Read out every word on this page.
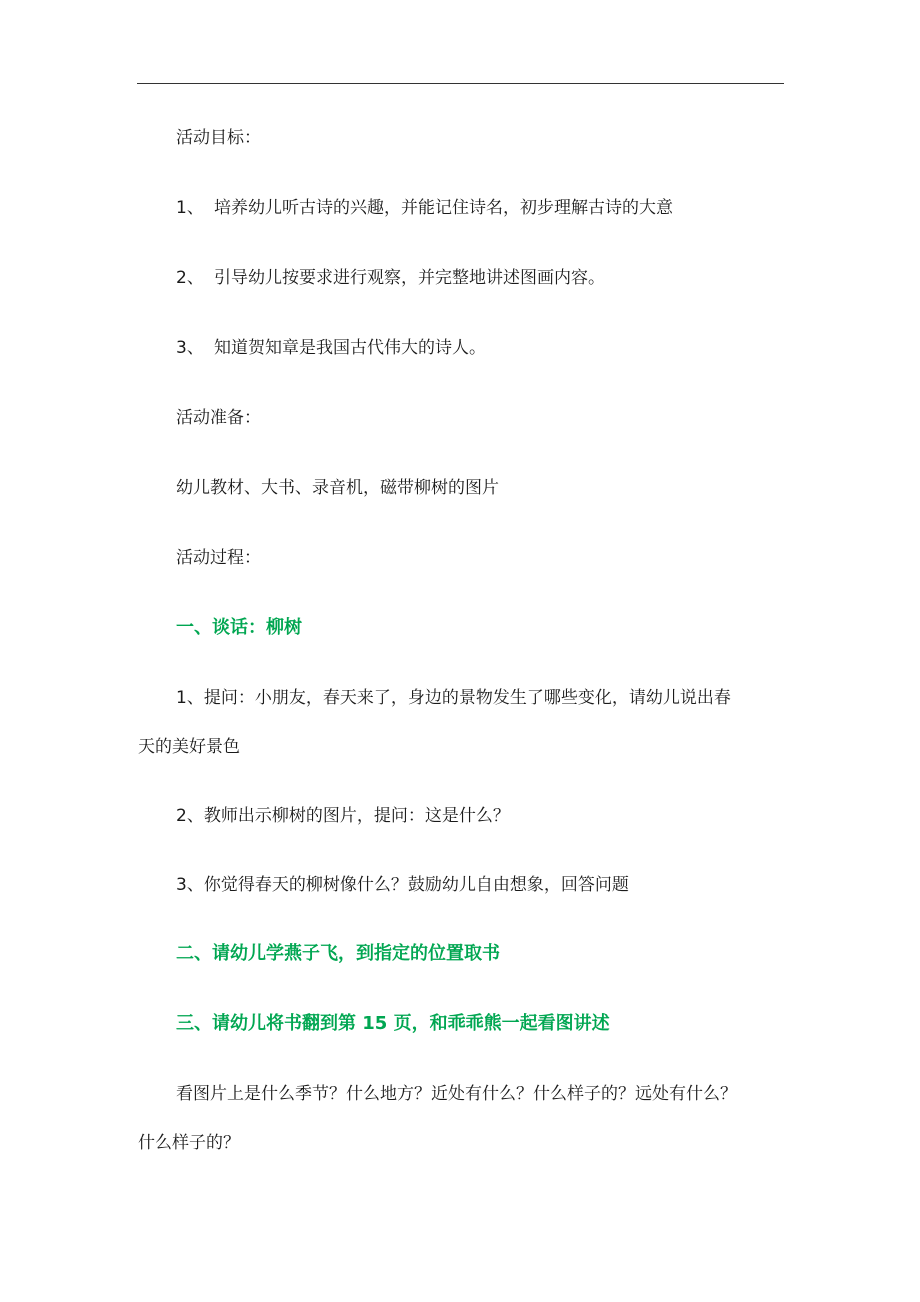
活动目标：
1、 培养幼儿听古诗的兴趣，并能记住诗名，初步理解古诗的大意
2、 引导幼儿按要求进行观察，并完整地讲述图画内容。
3、 知道贺知章是我国古代伟大的诗人。
活动准备：
幼儿教材、大书、录音机，磁带柳树的图片
活动过程：
一、谈话：柳树
1、提问：小朋友，春天来了，身边的景物发生了哪些变化，请幼儿说出春
天的美好景色
2、教师出示柳树的图片，提问：这是什么？
3、你觉得春天的柳树像什么？鼓励幼儿自由想象，回答问题
二、请幼儿学燕子飞，到指定的位置取书
三、请幼儿将书翻到第 15 页，和乖乖熊一起看图讲述
看图片上是什么季节？什么地方？近处有什么？什么样子的？远处有什么？
什么样子的？
